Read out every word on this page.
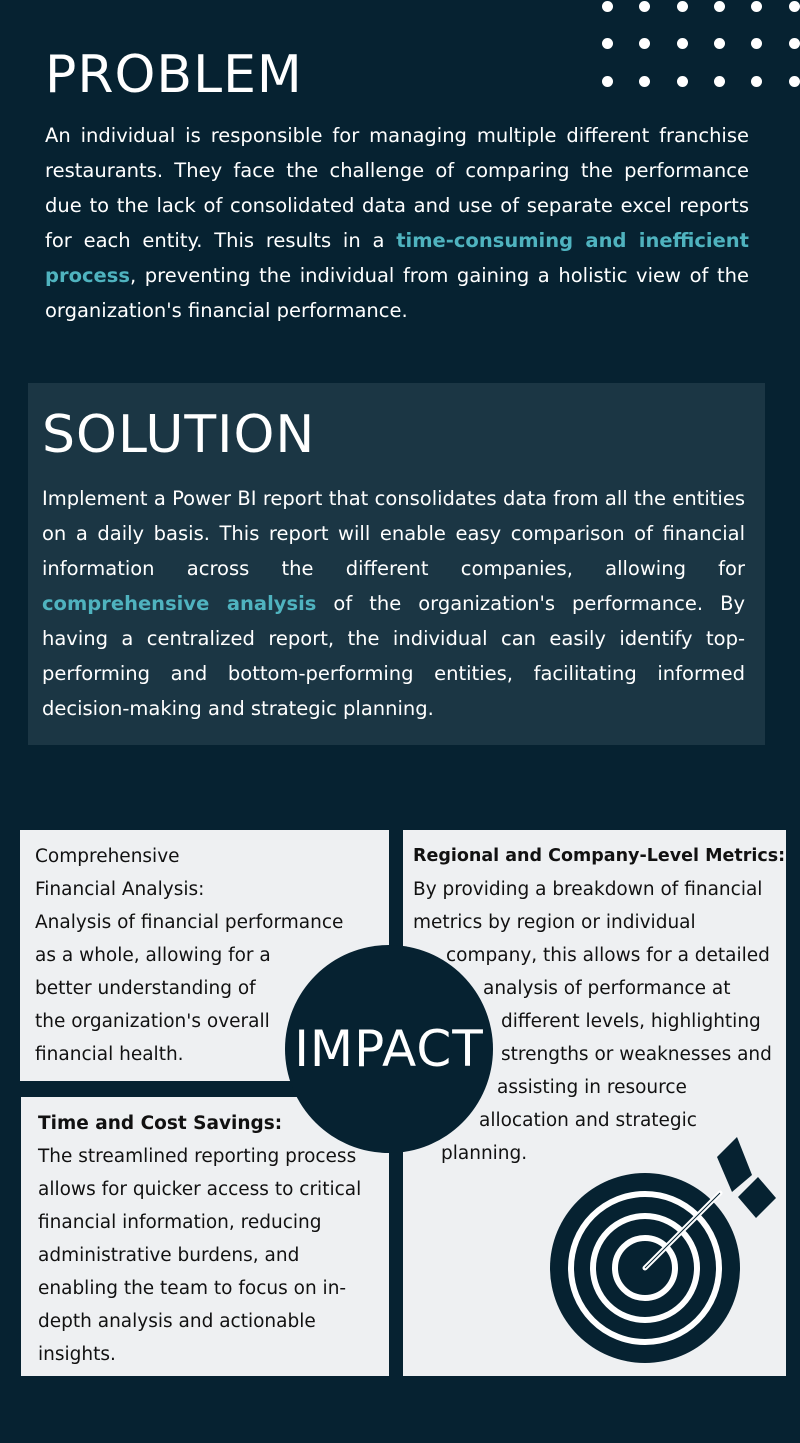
PROBLEM

An individual is responsible for managing multiple different franchise restaurants. They face the challenge of comparing the performance due to the lack of consolidated data and use of separate excel reports for each entity. This results in a time-consuming and inefficient process, preventing the individual from gaining a holistic view of the organization's financial performance.

SOLUTION

Implement a Power BI report that consolidates data from all the entities on a daily basis. This report will enable easy comparison of financial information across the different companies, allowing for comprehensive analysis of the organization's performance. By having a centralized report, the individual can easily identify top-performing and bottom-performing entities, facilitating informed decision-making and strategic planning.

Comprehensive
Financial Analysis:
Analysis of financial performance
as a whole, allowing for a
better understanding of
the organization's overall
financial health.
Time and Cost Savings:
The streamlined reporting process
allows for quicker access to critical
financial information, reducing
administrative burdens, and
enabling the team to focus on in-
depth analysis and actionable
insights.
Regional and Company-Level Metrics:
By providing a breakdown of financial
metrics by region or individual
company, this allows for a detailed
analysis of performance at
different levels, highlighting
strengths or weaknesses and
assisting in resource
allocation and strategic
planning.
IMPACT
